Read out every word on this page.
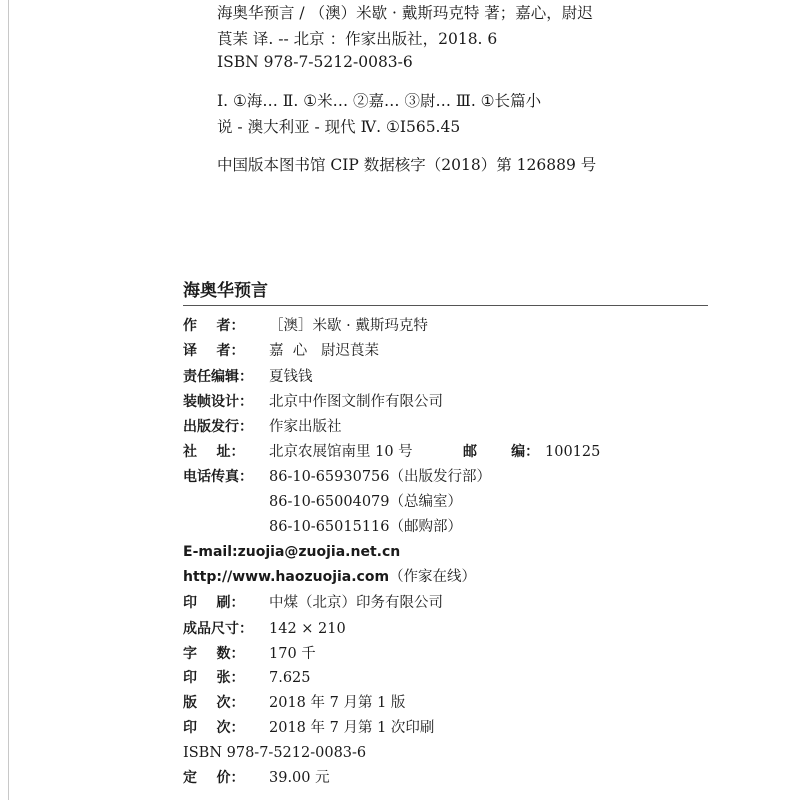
海奥华预言 / （澳）米歇 · 戴斯玛克特 著；嘉心，尉迟
莨苿 译. -- 北京 ：作家出版社，2018. 6
ISBN 978-7-5212-0083-6
Ⅰ. ①海… Ⅱ. ①米… ②嘉… ③尉… Ⅲ. ①长篇小
说 - 澳大利亚 - 现代 Ⅳ. ①I565.45
中国版本图书馆 CIP 数据核字（2018）第 126889 号
海奥华预言
作    者： ［澳］米歇 · 戴斯玛克特
译    者： 嘉  心   尉迟莨苿
责任编辑： 夏钱钱
装帧设计： 北京中作图文制作有限公司
出版发行： 作家出版社
社    址： 北京农展馆南里 10 号	邮       编： 100125
电话传真： 86-10-65930756（出版发行部）
86-10-65004079（总编室）
86-10-65015116（邮购部）
E-mail:zuojia@zuojia.net.cn
http://www.haozuojia.com（作家在线）
印    刷： 中煤（北京）印务有限公司
成品尺寸： 142 × 210
字    数： 170 千
印    张： 7.625
版    次： 2018 年 7 月第 1 版
印    次： 2018 年 7 月第 1 次印刷
ISBN 978-7-5212-0083-6
定    价： 39.00 元
